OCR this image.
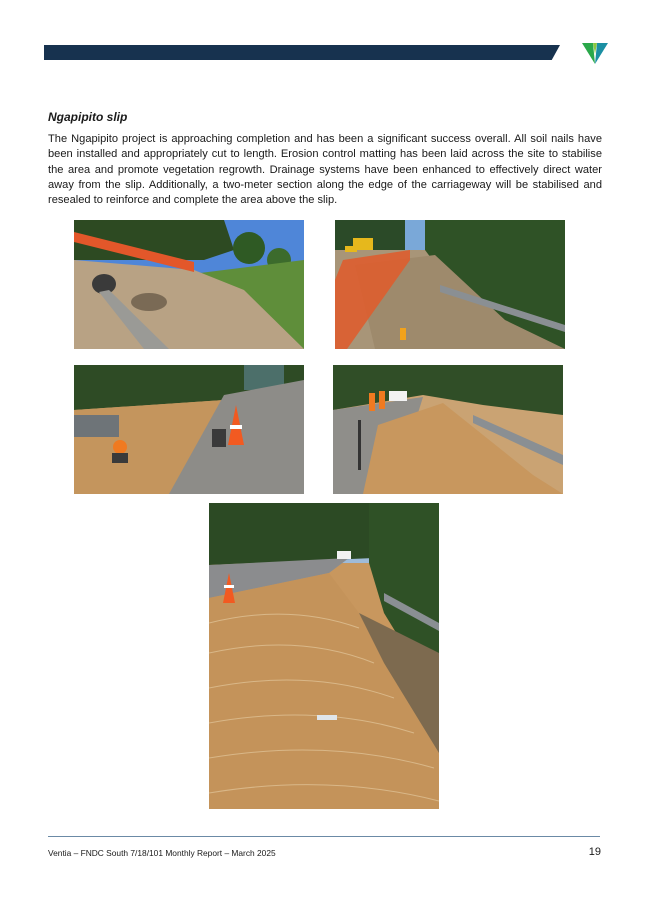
Ngapipito slip

The Ngapipito project is approaching completion and has been a significant success overall. All soil nails have been installed and appropriately cut to length. Erosion control matting has been laid across the site to stabilise the area and promote vegetation regrowth. Drainage systems have been enhanced to effectively direct water away from the slip. Additionally, a two-meter section along the edge of the carriageway will be stabilised and resealed to reinforce and complete the area above the slip.

Ventia – FNDC South 7/18/101 Monthly Report – March 2025	19
